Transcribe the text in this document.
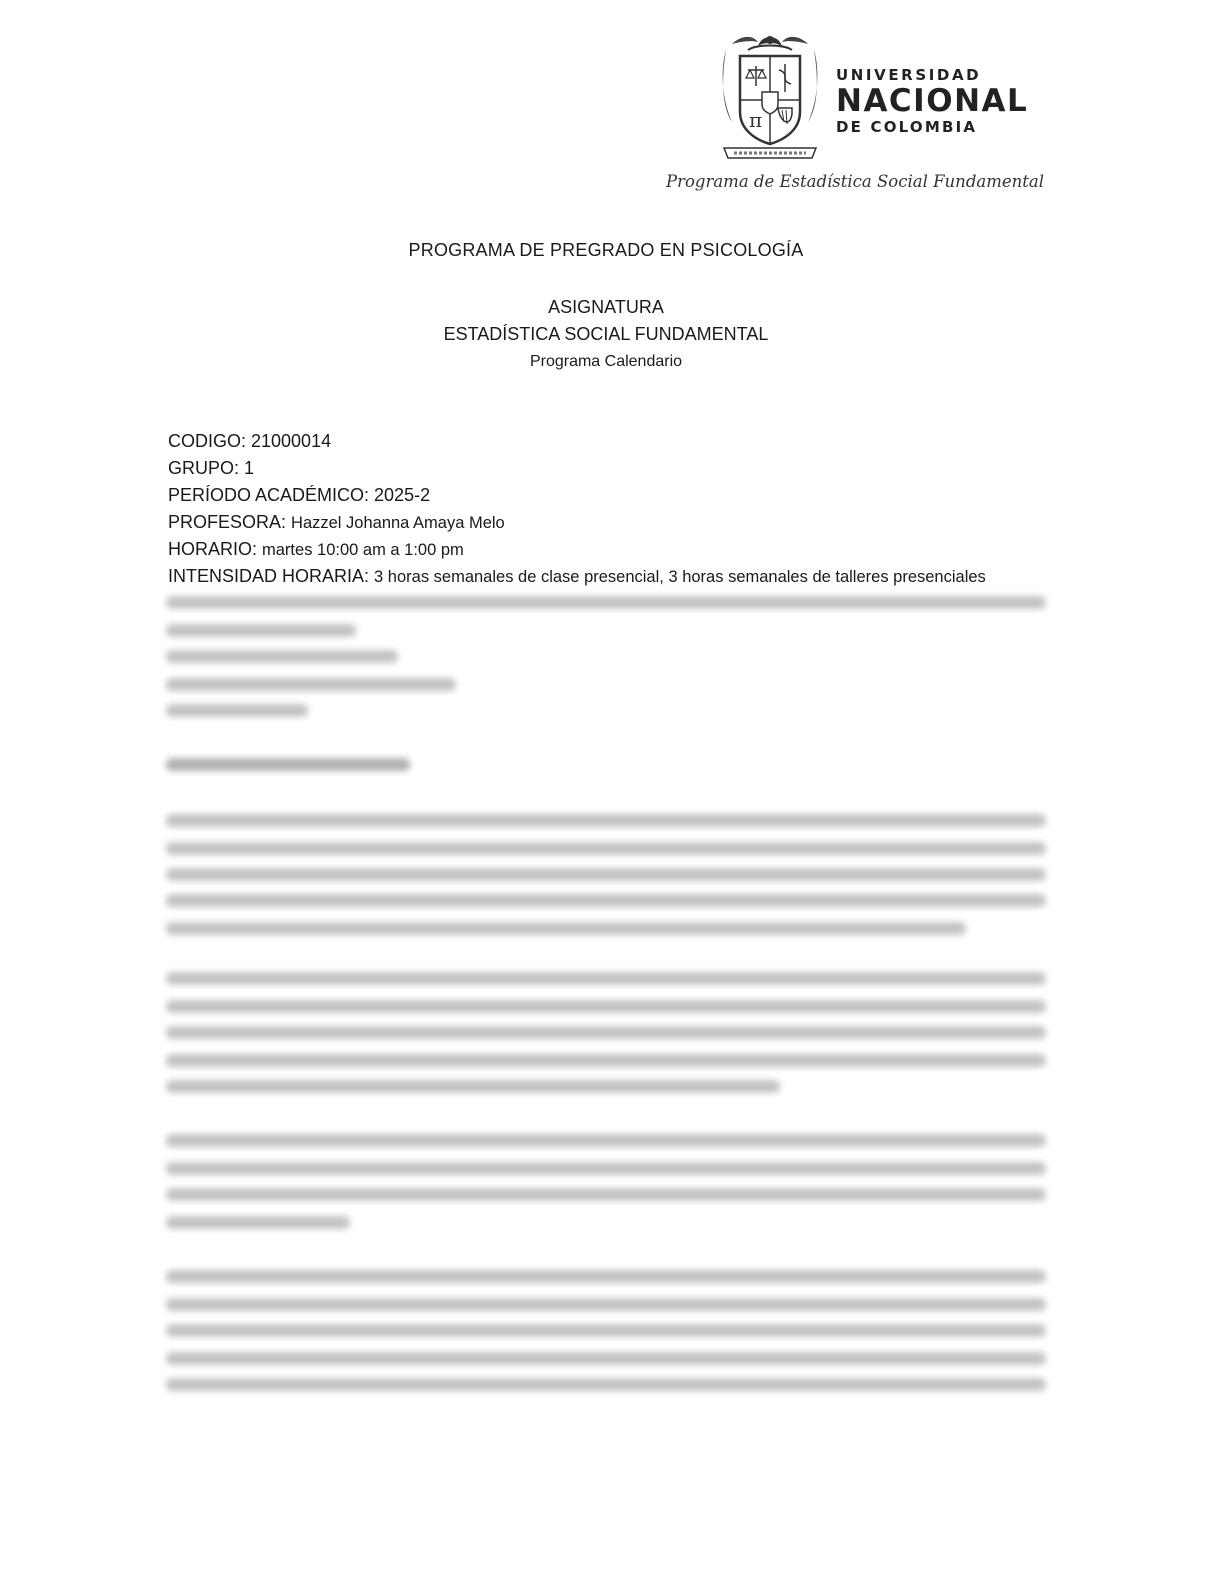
π
UNIVERSIDAD
NACIONAL
DE COLOMBIA
Programa de Estadística Social Fundamental
PROGRAMA DE PREGRADO EN PSICOLOGÍA
ASIGNATURA
ESTADÍSTICA SOCIAL FUNDAMENTAL
Programa Calendario
CODIGO: 21000014
GRUPO: 1
PERÍODO ACADÉMICO: 2025-2
PROFESORA: Hazzel Johanna Amaya Melo
HORARIO: martes 10:00 am a 1:00 pm
INTENSIDAD HORARIA: 3 horas semanales de clase presencial, 3 horas semanales de talleres presenciales
